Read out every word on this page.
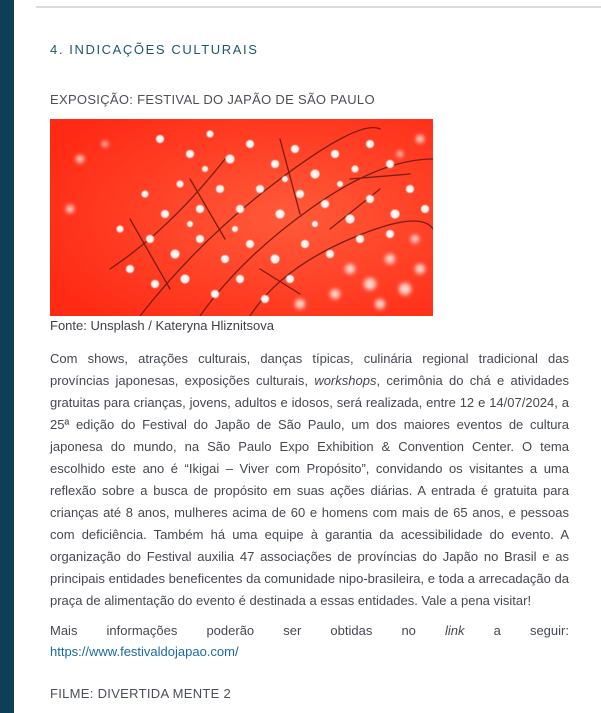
4. INDICAÇÕES CULTURAIS
EXPOSIÇÃO: FESTIVAL DO JAPÃO DE SÃO PAULO
Fonte: Unsplash / Kateryna Hliznitsova
Com shows, atrações culturais, danças típicas, culinária regional tradicional das províncias japonesas, exposições culturais, workshops, cerimônia do chá e atividades gratuitas para crianças, jovens, adultos e idosos, será realizada, entre 12 e 14/07/2024, a 25ª edição do Festival do Japão de São Paulo, um dos maiores eventos de cultura japonesa do mundo, na São Paulo Expo Exhibition & Convention Center. O tema escolhido este ano é “Ikigai – Viver com Propósito”, convidando os visitantes a uma reflexão sobre a busca de propósito em suas ações diárias. A entrada é gratuita para crianças até 8 anos, mulheres acima de 60 e homens com mais de 65 anos, e pessoas com deficiência. Também há uma equipe à garantia da acessibilidade do evento. A organização do Festival auxilia 47 associações de províncias do Japão no Brasil e as principais entidades beneficentes da comunidade nipo-brasileira, e toda a arrecadação da praça de alimentação do evento é destinada a essas entidades. Vale a pena visitar!
Mais informações poderão ser obtidas no link a seguir:
https://www.festivaldojapao.com/
FILME: DIVERTIDA MENTE 2
